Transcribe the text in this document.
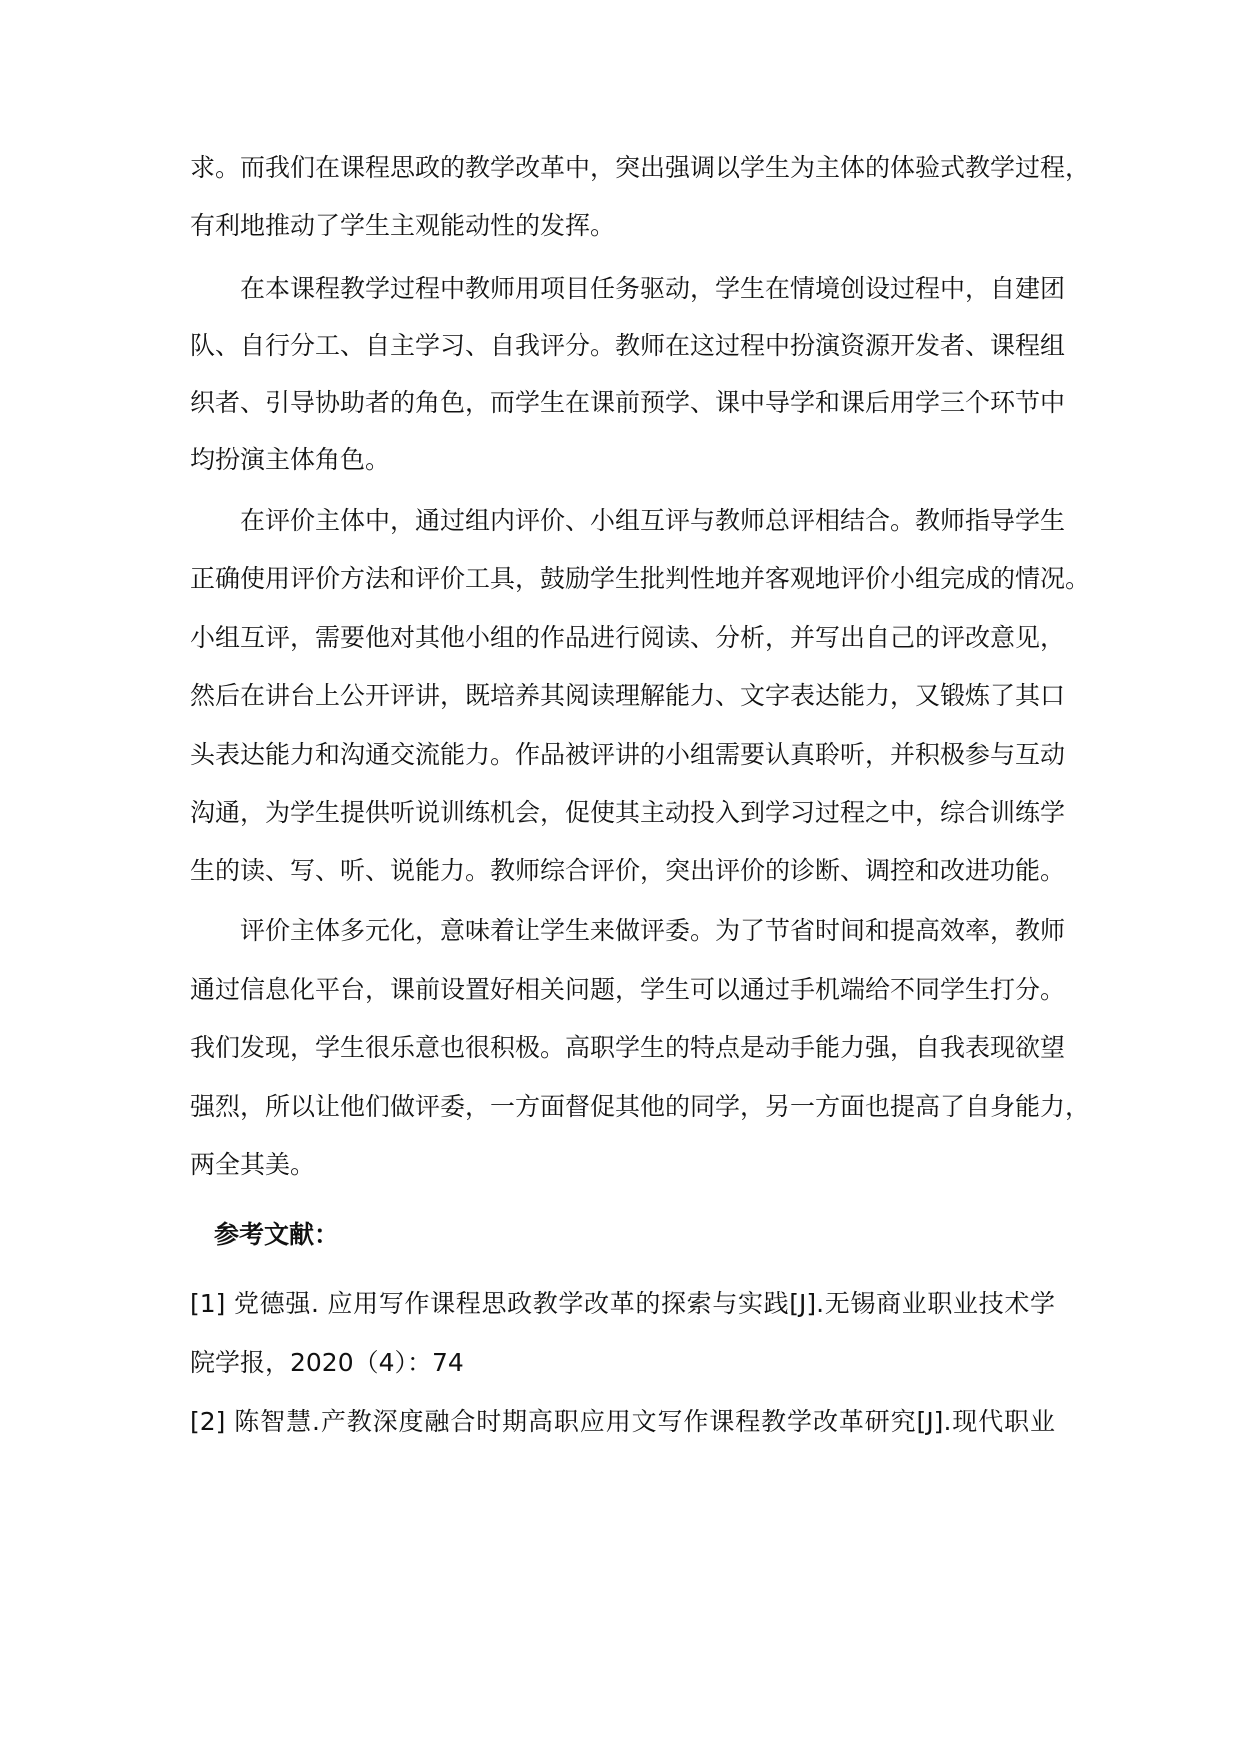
求。而我们在课程思政的教学改革中，突出强调以学生为主体的体验式教学过程，
有利地推动了学生主观能动性的发挥。
在本课程教学过程中教师用项目任务驱动，学生在情境创设过程中，自建团
队、自行分工、自主学习、自我评分。教师在这过程中扮演资源开发者、课程组
织者、引导协助者的角色，而学生在课前预学、课中导学和课后用学三个环节中
均扮演主体角色。
在评价主体中，通过组内评价、小组互评与教师总评相结合。教师指导学生
正确使用评价方法和评价工具，鼓励学生批判性地并客观地评价小组完成的情况。
小组互评，需要他对其他小组的作品进行阅读、分析，并写出自己的评改意见，
然后在讲台上公开评讲，既培养其阅读理解能力、文字表达能力，又锻炼了其口
头表达能力和沟通交流能力。作品被评讲的小组需要认真聆听，并积极参与互动
沟通，为学生提供听说训练机会，促使其主动投入到学习过程之中，综合训练学
生的读、写、听、说能力。教师综合评价，突出评价的诊断、调控和改进功能。
评价主体多元化，意味着让学生来做评委。为了节省时间和提高效率，教师
通过信息化平台，课前设置好相关问题，学生可以通过手机端给不同学生打分。
我们发现，学生很乐意也很积极。高职学生的特点是动手能力强，自我表现欲望
强烈，所以让他们做评委，一方面督促其他的同学，另一方面也提高了自身能力，
两全其美。
参考文献：
[1] 党德强. 应用写作课程思政教学改革的探索与实践[J].无锡商业职业技术学
院学报，2020（4）：74
[2] 陈智慧.产教深度融合时期高职应用文写作课程教学改革研究[J].现代职业
